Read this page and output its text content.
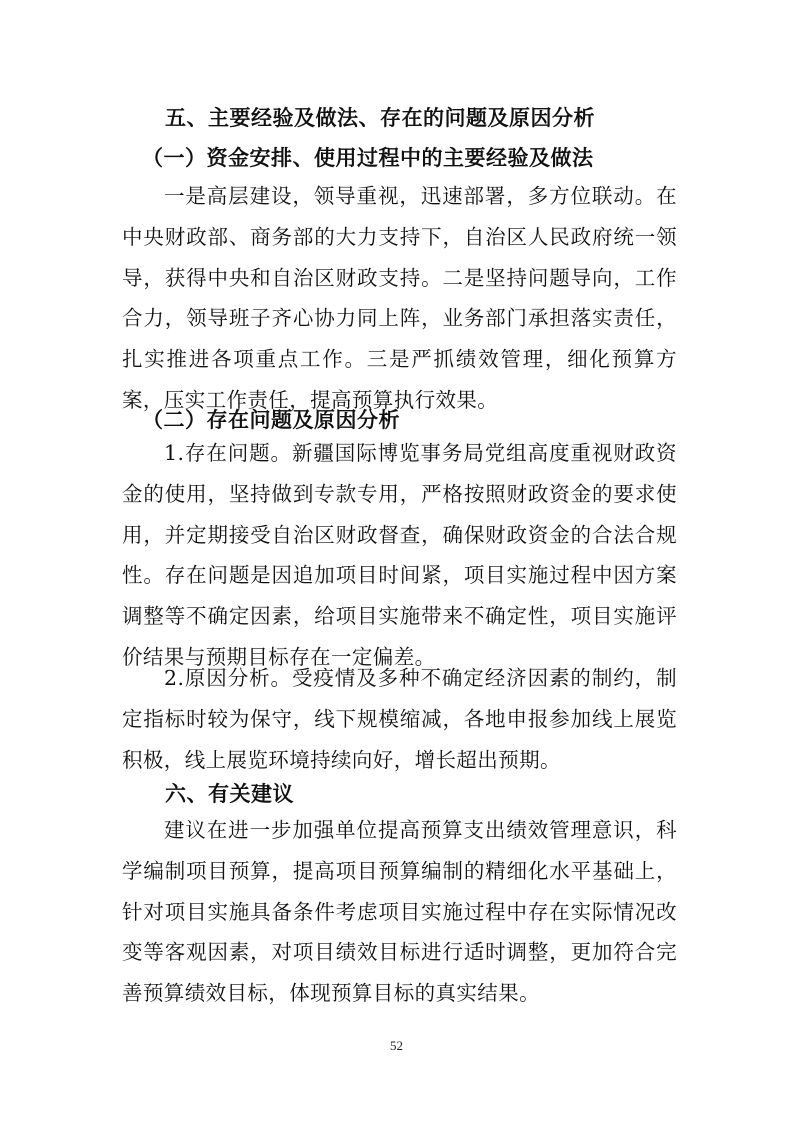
五、主要经验及做法、存在的问题及原因分析
（一）资金安排、使用过程中的主要经验及做法

一是高层建设，领导重视，迅速部署，多方位联动。在中央财政部、商务部的大力支持下，自治区人民政府统一领导，获得中央和自治区财政支持。二是坚持问题导向，工作合力，领导班子齐心协力同上阵，业务部门承担落实责任，扎实推进各项重点工作。三是严抓绩效管理，细化预算方案，压实工作责任，提高预算执行效果。

（二）存在问题及原因分析

1.存在问题。新疆国际博览事务局党组高度重视财政资金的使用，坚持做到专款专用，严格按照财政资金的要求使用，并定期接受自治区财政督查，确保财政资金的合法合规性。存在问题是因追加项目时间紧，项目实施过程中因方案调整等不确定因素，给项目实施带来不确定性，项目实施评价结果与预期目标存在一定偏差。

2.原因分析。受疫情及多种不确定经济因素的制约，制定指标时较为保守，线下规模缩减，各地申报参加线上展览积极，线上展览环境持续向好，增长超出预期。

六、有关建议

建议在进一步加强单位提高预算支出绩效管理意识，科学编制项目预算，提高项目预算编制的精细化水平基础上，针对项目实施具备条件考虑项目实施过程中存在实际情况改变等客观因素，对项目绩效目标进行适时调整，更加符合完善预算绩效目标，体现预算目标的真实结果。

52
